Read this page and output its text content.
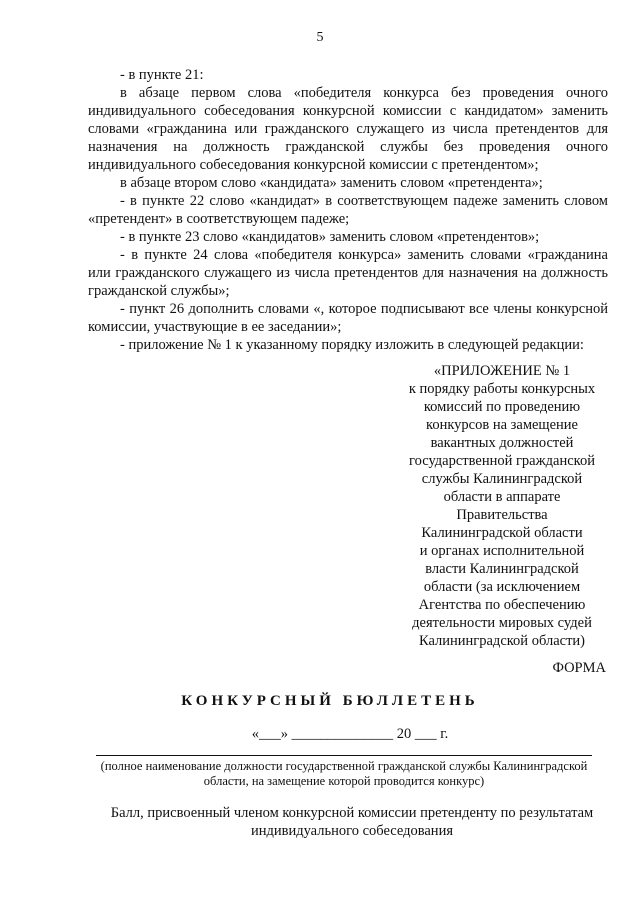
5

- в пункте 21:

в абзаце первом слова «победителя конкурса без проведения очного индивидуального собеседования конкурсной комиссии с кандидатом» заменить словами «гражданина или гражданского служащего из числа претендентов для назначения на должность гражданской службы без проведения очного индивидуального собеседования конкурсной комиссии с претендентом»;

в абзаце втором слово «кандидата» заменить словом «претендента»;

- в пункте 22 слово «кандидат» в соответствующем падеже заменить словом «претендент» в соответствующем падеже;

- в пункте 23 слово «кандидатов» заменить словом «претендентов»;

- в пункте 24 слова «победителя конкурса» заменить словами «гражданина или гражданского служащего из числа претендентов для назначения на должность гражданской службы»;

- пункт 26 дополнить словами «, которое подписывают все члены конкурсной комиссии, участвующие в ее заседании»;

- приложение № 1 к указанному порядку изложить в следующей редакции:

«ПРИЛОЖЕНИЕ № 1
к порядку работы конкурсных
комиссий по проведению
конкурсов на замещение
вакантных должностей
государственной гражданской
службы Калининградской
области в аппарате
Правительства
Калининградской области
и органах исполнительной
власти Калининградской
области (за исключением
Агентства по обеспечению
деятельности мировых судей
Калининградской области)
ФОРМА
КОНКУРСНЫЙ БЮЛЛЕТЕНЬ
«___» ______________ 20 ___ г.
(полное наименование должности государственной гражданской службы Калининградской области, на замещение которой проводится конкурс)
Балл, присвоенный членом конкурсной комиссии претенденту по результатам индивидуального собеседования
